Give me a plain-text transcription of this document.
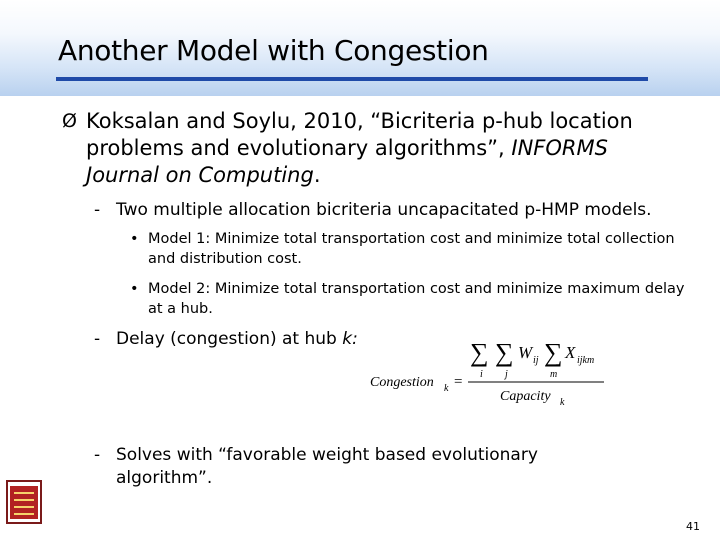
Another Model with Congestion
Ø Koksalan and Soylu, 2010, “Bicriteria p-hub location problems and evolutionary algorithms”, INFORMS Journal on Computing.
- Two multiple allocation bicriteria uncapacitated p-HMP models.
• Model 1: Minimize total transportation cost and minimize total collection and distribution cost.
• Model 2: Minimize total transportation cost and minimize maximum delay at a hub.
- Delay (congestion) at hub k:
Congestion k =
∑ ∑
i j
W ij ∑
m
X ijkm
Capacity k
- Solves with “favorable weight based evolutionary
algorithm”.
41
